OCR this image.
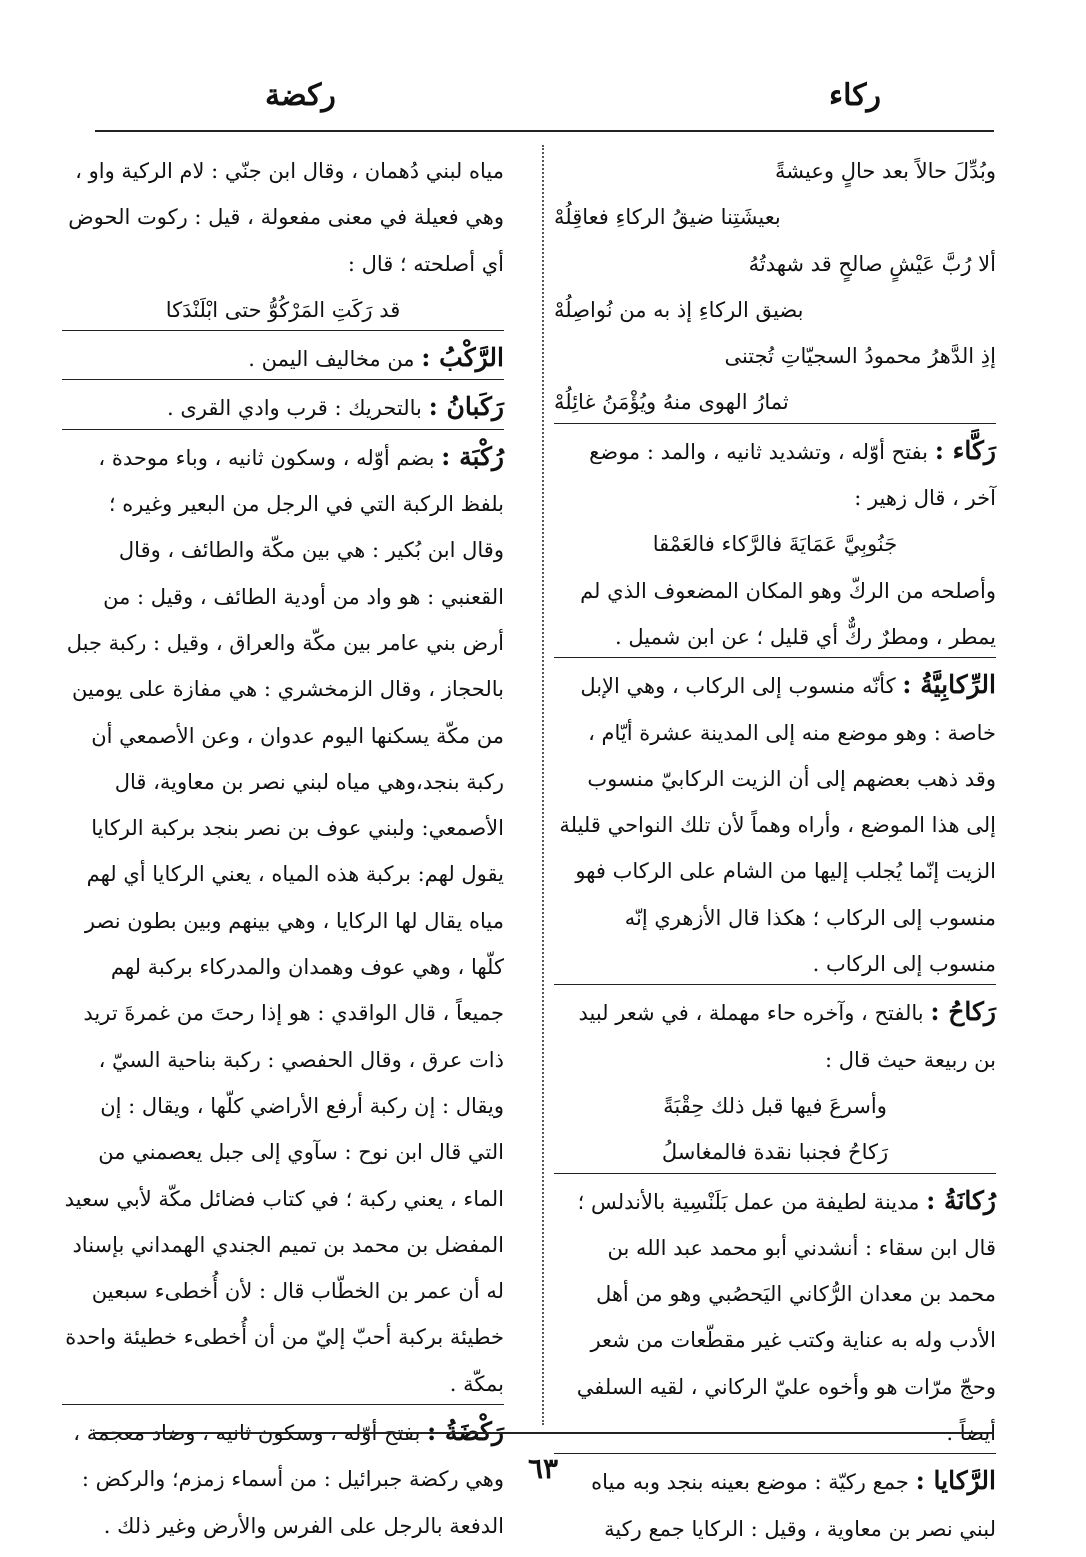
ركاء
ركضة

وبُدِّلَ حالاً بعد حالٍ وعيشةً

بعيشَتِنا ضيقُ الركاءِ فعاقِلُهْ

ألا رُبَّ عَيْشٍ صالحٍ قد شهدتُهُ

بضيق الركاءِ إذ به من نُواصِلُهْ

إذِ الدَّهرُ محمودُ السجيّاتِ تُجتنى

ثمارُ الهوى منهُ ويُؤْمَنُ غائِلُهْ

رَكَّاء : بفتح أوّله ، وتشديد ثانيه ، والمد : موضع آخر ، قال زهير :

جَنُوبِيَّ عَمَايَةَ فالرَّكاء فالعَمْقا

وأصلحه من الركّ وهو المكان المضعوف الذي لم يمطر ، ومطرٌ ركٌّ أي قليل ؛ عن ابن شميل .

الرِّكابِيَّةُ : كأنّه منسوب إلى الركاب ، وهي الإبل خاصة : وهو موضع منه إلى المدينة عشرة أيّام ، وقد ذهب بعضهم إلى أن الزيت الركابيّ منسوب إلى هذا الموضع ، وأراه وهماً لأن تلك النواحي قليلة الزيت إنّما يُجلب إليها من الشام على الركاب فهو منسوب إلى الركاب ؛ هكذا قال الأزهري إنّه منسوب إلى الركاب .

رَكاحُ : بالفتح ، وآخره حاء مهملة ، في شعر لبيد بن ربيعة حيث قال :

وأسرعَ فيها قبل ذلك حِقْبَةً

رَكاحُ فجنبا نقدة فالمغاسلُ

رُكانَةُ : مدينة لطيفة من عمل بَلَنْسِية بالأندلس ؛ قال ابن سقاء : أنشدني أبو محمد عبد الله بن محمد بن معدان الرُّكاني اليَحصُبي وهو من أهل الأدب وله به عناية وكتب غير مقطّعات من شعر وحجّ مرّات هو وأخوه عليّ الركاني ، لقيه السلفي أيضاً .

الرَّكايا : جمع ركيّة : موضع بعينه بنجد وبه مياه لبني نصر بن معاوية ، وقيل : الركايا جمع ركية

مياه لبني دُهمان ، وقال ابن جنّي : لام الركية واو ، وهي فعيلة في معنى مفعولة ، قيل : ركوت الحوض أي أصلحته ؛ قال :

قد رَكَتِ المَرْكُوُّ حتى ابْلَنْدَكا

الرَّكْبُ : من مخاليف اليمن .

رَكَبانُ : بالتحريك : قرب وادي القرى .

رُكْبَة : بضم أوّله ، وسكون ثانيه ، وباء موحدة ، بلفظ الركبة التي في الرجل من البعير وغيره ؛ وقال ابن بُكير : هي بين مكّة والطائف ، وقال القعنبي : هو واد من أودية الطائف ، وقيل : من أرض بني عامر بين مكّة والعراق ، وقيل : ركبة جبل بالحجاز ، وقال الزمخشري : هي مفازة على يومين من مكّة يسكنها اليوم عدوان ، وعن الأصمعي أن ركبة بنجد،وهي مياه لبني نصر بن معاوية، قال الأصمعي: ولبني عوف بن نصر بنجد بركبة الركايا يقول لهم: بركبة هذه المياه ، يعني الركايا أي لهم مياه يقال لها الركايا ، وهي بينهم وبين بطون نصر كلّها ، وهي عوف وهمدان والمدركاء بركبة لهم جميعاً ، قال الواقدي : هو إذا رحتَ من غمرةَ تريد ذات عرق ، وقال الحفصي : ركبة بناحية السيّ ، ويقال : إن ركبة أرفع الأراضي كلّها ، ويقال : إن التي قال ابن نوح : سآوي إلى جبل يعصمني من الماء ، يعني ركبة ؛ في كتاب فضائل مكّة لأبي سعيد المفضل بن محمد بن تميم الجندي الهمداني بإسناد له أن عمر بن الخطّاب قال : لأن أُخطىء سبعين خطيئة بركبة أحبّ إليّ من أن أُخطىء خطيئة واحدة بمكّة .

رَكْضَةُ : بفتح أوّله ، وسكون ثانيه ، وضاد معجمة ، وهي ركضة جبرائيل : من أسماء زمزم؛ والركض : الدفعة بالرجل على الفرس والأرض وغير ذلك .

٦٣
